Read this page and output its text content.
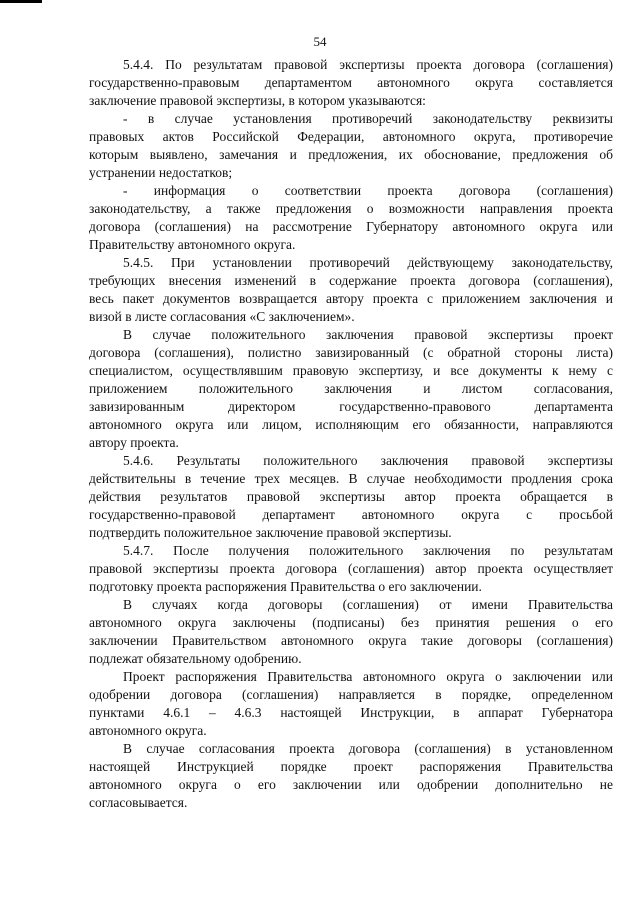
54

5.4.4. По результатам правовой экспертизы проекта договора (соглашения)
государственно-правовым департаментом автономного округа составляется
заключение правовой экспертизы, в котором указываются:

- в случае установления противоречий законодательству реквизиты
правовых актов Российской Федерации, автономного округа, противоречие
которым выявлено, замечания и предложения, их обоснование, предложения об
устранении недостатков;

- информация о соответствии проекта договора (соглашения)
законодательству, а также предложения о возможности направления проекта
договора (соглашения) на рассмотрение Губернатору автономного округа или
Правительству автономного округа.

5.4.5. При установлении противоречий действующему законодательству,
требующих внесения изменений в содержание проекта договора (соглашения),
весь пакет документов возвращается автору проекта с приложением заключения и
визой в листе согласования «С заключением».

В случае положительного заключения правовой экспертизы проект
договора (соглашения), полистно завизированный (с обратной стороны листа)
специалистом, осуществлявшим правовую экспертизу, и все документы к нему с
приложением положительного заключения и листом согласования,
завизированным директором государственно-правового департамента
автономного округа или лицом, исполняющим его обязанности, направляются
автору проекта.

5.4.6. Результаты положительного заключения правовой экспертизы
действительны в течение трех месяцев. В случае необходимости продления срока
действия результатов правовой экспертизы автор проекта обращается в
государственно-правовой департамент автономного округа с просьбой
подтвердить положительное заключение правовой экспертизы.

5.4.7. После получения положительного заключения по результатам
правовой экспертизы проекта договора (соглашения) автор проекта осуществляет
подготовку проекта распоряжения Правительства о его заключении.

В случаях когда договоры (соглашения) от имени Правительства
автономного округа заключены (подписаны) без принятия решения о его
заключении Правительством автономного округа такие договоры (соглашения)
подлежат обязательному одобрению.

Проект распоряжения Правительства автономного округа о заключении или
одобрении договора (соглашения) направляется в порядке, определенном
пунктами 4.6.1 – 4.6.3 настоящей Инструкции, в аппарат Губернатора
автономного округа.

В случае согласования проекта договора (соглашения) в установленном
настоящей Инструкцией порядке проект распоряжения Правительства
автономного округа о его заключении или одобрении дополнительно не
согласовывается.
